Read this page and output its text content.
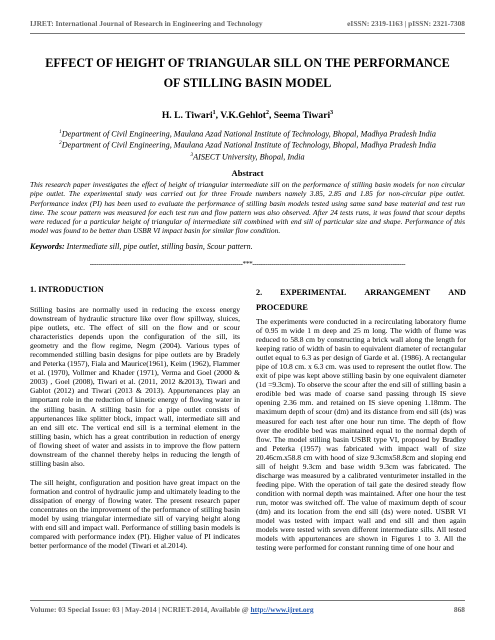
IJRET: International Journal of Research in Engineering and Technology	eISSN: 2319-1163 | pISSN: 2321-7308
EFFECT OF HEIGHT OF TRIANGULAR SILL ON THE PERFORMANCE
OF STILLING BASIN MODEL
H. L. Tiwari$^1$, V.K.Gehlot$^2$, Seema Tiwari$^3$
$^1$Department of Civil Engineering, Maulana Azad National Institute of Technology, Bhopal, Madhya Pradesh India
$^2$Department of Civil Engineering, Maulana Azad National Institute of Technology, Bhopal, Madhya Pradesh India
$^3$AISECT University, Bhopal, India
Abstract
This research paper investigates the effect of height of triangular intermediate sill on the performance of stilling basin models for non circular pipe outlet. The experimental study was carried out for three Froude numbers namely 3.85, 2.85 and 1.85 for non-circular pipe outlet. Performance index (PI) has been used to evaluate the performance of stilling basin models tested using same sand base material and test run time. The scour pattern was measured for each test run and flow pattern was also observed. After 24 tests runs, it was found that scour depths were reduced for a particular height of triangular of intermediate sill combined with end sill of particular size and shape. Performance of this model was found to be better than USBR VI impact basin for similar flow condition.
Keywords: Intermediate sill, pipe outlet, stilling basin, Scour pattern.
-------------------------------------------------------------------------***-------------------------------------------------------------------------
1. INTRODUCTION

Stilling basins are normally used in reducing the excess energy downstream of hydraulic structure like over flow spillway, sluices, pipe outlets, etc. The effect of sill on the flow and or scour characteristics depends upon the configuration of the sill, its geometry and the flow regime, Negm (2004). Various types of recommended stilling basin designs for pipe outlets are by Bradely and Peterka (1957), Fiala and Maurice(1961), Keim (1962), Flammer et al. (1970), Vollmer and Khader (1971), Verma and Goel (2000 & 2003) , Goel (2008), Tiwari et al. (2011, 2012 &2013), Tiwari and Gablot (2012) and Tiwari (2013 & 2013). Appurtenances play an important role in the reduction of kinetic energy of flowing water in the stilling basin. A stilling basin for a pipe outlet consists of appurtenances like splitter block, impact wall, intermediate sill and an end sill etc. The vertical end sill is a terminal element in the stilling basin, which has a great contribution in reduction of energy of flowing sheet of water and assists in to improve the flow pattern downstream of the channel thereby helps in reducing the length of stilling basin also.

The sill height, configuration and position have great impact on the formation and control of hydraulic jump and ultimately leading to the dissipation of energy of flowing water. The present research paper concentrates on the improvement of the performance of stilling basin model by using triangular intermediate sill of varying height along with end sill and impact wall. Performance of stilling basin models is compared with performance index (PI). Higher value of PI indicates better performance of the model (Tiwari et al.2014).

2. EXPERIMENTAL ARRANGEMENT AND
PROCEDURE

The experiments were conducted in a recirculating laboratory flume of 0.95 m wide 1 m deep and 25 m long. The width of flume was reduced to 58.8 cm by constructing a brick wall along the length for keeping ratio of width of basin to equivalent diameter of rectangular outlet equal to 6.3 as per design of Garde et al. (1986). A rectangular pipe of 10.8 cm. x 6.3 cm. was used to represent the outlet flow. The exit of pipe was kept above stilling basin by one equivalent diameter (1d =9.3cm). To observe the scour after the end sill of stilling basin a erodible bed was made of coarse sand passing through IS sieve opening 2.36 mm. and retained on IS sieve opening 1.18mm. The maximum depth of scour (dm) and its distance from end sill (ds) was measured for each test after one hour run time. The depth of flow over the erodible bed was maintained equal to the normal depth of flow. The model stilling basin USBR type VI, proposed by Bradley and Peterka (1957) was fabricated with impact wall of size 20.46cm.x58.8 cm with hood of size 9.3cmx58.8cm and sloping end sill of height 9.3cm and base width 9.3cm was fabricated. The discharge was measured by a calibrated venturimeter installed in the feeding pipe. With the operation of tail gate the desired steady flow condition with normal depth was maintained. After one hour the test run, motor was switched off. The value of maximum depth of scour (dm) and its location from the end sill (ds) were noted. USBR VI model was tested with impact wall and end sill and then again models were tested with seven different intermediate sills. All tested models with appurtenances are shown in Figures 1 to 3. All the testing were performed for constant running time of one hour and

Volume: 03 Special Issue: 03 | May-2014 | NCRIET-2014, Available @ http://www.ijret.org	868
